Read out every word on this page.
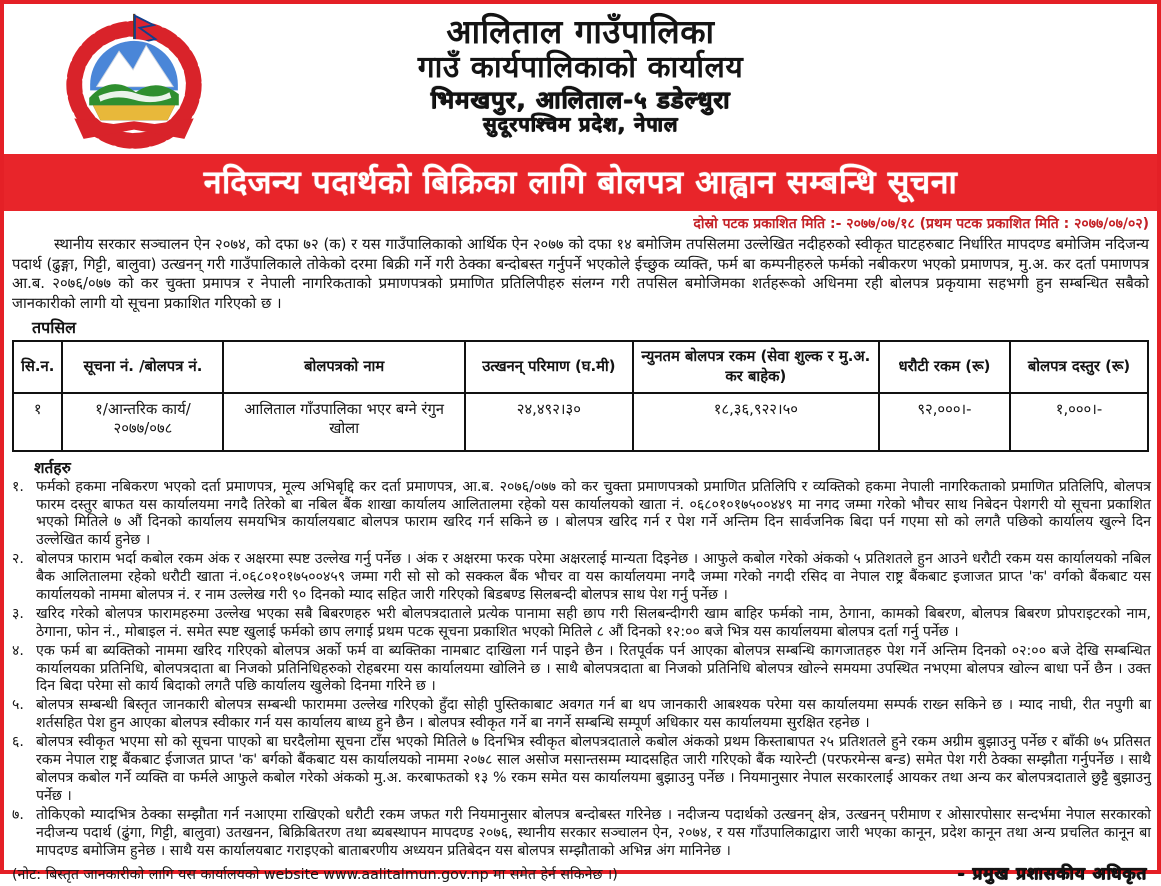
आलिताल गाउँपालिका
गाउँ कार्यपालिकाको कार्यालय
भिमखपुर, आलिताल-५ डडेल्धुरा
सुदूरपश्चिम प्रदेश, नेपाल
नदिजन्य पदार्थको बिक्रिका लागि बोलपत्र आह्वान सम्बन्धि सूचना
दोस्रो पटक प्रकाशित मिति :- २०७७/०७/१८ (प्रथम पटक प्रकाशित मिति : २०७७/०७/०२)
स्थानीय सरकार सञ्चालन ऐन २०७४, को दफा ७२ (क) र यस गाउँपालिकाको आर्थिक ऐन २०७७ को दफा १४ बमोजिम तपसिलमा उल्लेखित नदीहरुको स्वीकृत घाटहरुबाट निर्धारित मापदण्ड बमोजिम नदिजन्य पदार्थ (ढुङ्गा, गिट्टी, बालुवा) उत्खनन् गरी गाउँपालिकाले तोकेको दरमा बिक्री गर्ने गरी ठेक्का बन्दोबस्त गर्नुपर्ने भएकोले ईच्छुक व्यक्ति, फर्म बा कम्पनीहरुले फर्मको नबीकरण भएको प्रमाणपत्र, मु.अ. कर दर्ता पमाणपत्र आ.ब. २०७६/०७७ को कर चुक्ता प्रमापत्र र नेपाली नागरिकताको प्रमाणपत्रको प्रमाणित प्रतिलिपीहरु संलग्न गरी तपसिल बमोजिमका शर्तहरूको अधिनमा रही बोलपत्र प्रकृयामा सहभगी हुन सम्बन्धित सबैको जानकारीको लागी यो सूचना प्रकाशित गरिएको छ ।
तपसिल
सि.न.	सूचना नं. /बोलपत्र नं.	बोलपत्रको नाम	उत्खनन् परिमाण (घ.मी)	न्युनतम बोलपत्र रकम (सेवा शुल्क र मु.अ. कर बाहेक)	धरौटी रकम (रू)	बोलपत्र दस्तुर (रू)
१	१/आन्तरिक कार्य/२०७७/०७८	आलिताल गाँउपालिका भएर बग्ने रंगुन खोला	२४,४९२।३०	१८,३६,९२२।५०	९२,०००।-	१,०००।-
शर्तहरु
१. फर्मको हकमा नबिकरण भएको दर्ता प्रमाणपत्र, मूल्य अभिबृद्दि कर दर्ता प्रमाणपत्र, आ.ब. २०७६/०७७ को कर चुक्ता प्रमाणपत्रको प्रमाणित प्रतिलिपि र व्यक्तिको हकमा नेपाली नागरिकताको प्रमाणित प्रतिलिपि, बोलपत्र फारम दस्तुर बाफत यस कार्यालयमा नगदै तिरेको बा नबिल बैंक शाखा कार्यालय आलितालमा रहेको यस कार्यालयको खाता नं. ०६८०१०१७५००४४९ मा नगद जम्मा गरेको भौचर साथ निबेदन पेशगरी यो सूचना प्रकाशित भएको मितिले ७ औं दिनको कार्यालय समयभित्र कार्यालयबाट बोलपत्र फाराम खरिद गर्न सकिने छ । बोलपत्र खरिद गर्न र पेश गर्ने अन्तिम दिन सार्वजनिक बिदा पर्न गएमा सो को लगतै पछिको कार्यालय खुल्ने दिन उल्लेखित कार्य हुनेछ ।
२. बोलपत्र फाराम भर्दा कबोल रकम अंक र अक्षरमा स्पष्ट उल्लेख गर्नु पर्नेछ । अंक र अक्षरमा फरक परेमा अक्षरलाई मान्यता दिइनेछ । आफुले कबोल गरेको अंकको ५ प्रतिशतले हुन आउने धरौटी रकम यस कार्यालयको नबिल बैक आलितालमा रहेको धरौटी खाता नं.०६८०१०१७५००४५९ जम्मा गरी सो सो को सक्कल बैंक भौचर वा यस कार्यालयमा नगदै जम्मा गरेको नगदी रसिद वा नेपाल राष्ट्र बैंकबाट इजाजत प्राप्त 'क' वर्गको बैंकबाट यस कार्यालयको नाममा बोलपत्र नं. र नाम उल्लेख गरी ९० दिनको म्याद सहित जारी गरिएको बिडबण्ड सिलबन्दी बोलपत्र साथ पेश गर्नु पर्नेछ ।
३. खरिद गरेको बोलपत्र फारामहरुमा उल्लेख भएका सबै बिबरणहरु भरी बोलपत्रदाताले प्रत्येक पानामा सही छाप गरी सिलबन्दीगरी खाम बाहिर फर्मको नाम, ठेगाना, कामको बिबरण, बोलपत्र बिबरण प्रोपराइटरको नाम, ठेगाना, फोन नं., मोबाइल नं. समेत स्पष्ट खुलाई फर्मको छाप लगाई प्रथम पटक सूचना प्रकाशित भएको मितिले ८ औं दिनको १२:०० बजे भित्र यस कार्यालयमा बोलपत्र दर्ता गर्नु पर्नेछ ।
४. एक फर्म बा ब्यक्तिको नाममा खरिद गरिएको बोलपत्र अर्को फर्म वा ब्यक्तिका नामबाट दाखिला गर्न पाइने छैन । रितपूर्वक पर्न आएका बोलपत्र सम्बन्धि कागजातहरु पेश गर्ने अन्तिम दिनको ०२:०० बजे देखि सम्बन्धित कार्यालयका प्रतिनिधि, बोलपत्रदाता बा निजको प्रतिनिधिहरुको रोहबरमा यस कार्यालयमा खोलिने छ । साथै बोलपत्रदाता बा निजको प्रतिनिधि बोलपत्र खोल्ने समयमा उपस्थित नभएमा बोलपत्र खोल्न बाधा पर्ने छैन । उक्त दिन बिदा परेमा सो कार्य बिदाको लगतै पछि कार्यालय खुलेको दिनमा गरिने छ ।
५. बोलपत्र सम्बन्धी बिस्तृत जानकारी बोलपत्र सम्बन्धी फाराममा उल्लेख गरिएको हुँदा सोही पुस्तिकाबाट अवगत गर्न बा थप जानकारी आबश्यक परेमा यस कार्यालयमा सम्पर्क राख्न सकिने छ । म्याद नाघी, रीत नपुगी बा शर्तसहित पेश हुन आएका बोलपत्र स्वीकार गर्न यस कार्यालय बाध्य हुने छैन । बोलपत्र स्वीकृत गर्ने बा नगर्ने सम्बन्धि सम्पूर्ण अधिकार यस कार्यालयमा सुरक्षित रहनेछ ।
६. बोलपत्र स्वीकृत भएमा सो को सूचना पाएको बा घरदैलोमा सूचना टाँस भएको मितिले ७ दिनभित्र स्वीकृत बोलपत्रदाताले कबोल अंकको प्रथम किस्ताबापत २५ प्रतिशतले हुने रकम अग्रीम बुझाउनु पर्नेछ र बाँकी ७५ प्रतिसत रकम नेपाल राष्ट्र बैंकबाट ईजाजत प्राप्त 'क' बर्गको बैंकबाट यस कार्यालयको नाममा २०७८ साल असोज मसान्तसम्म म्यादसहित जारी गरिएको बैंक ग्यारेन्टी (परफरमेन्स बन्ड) समेत पेश गरी ठेक्का सम्झौता गर्नुपर्नेछ । साथै बोलपत्र कबोल गर्ने व्यक्ति वा फर्मले आफुले कबोल गरेको अंकको मु.अ. करबाफतको १३ % रकम समेत यस कार्यालयमा बुझाउनु पर्नेछ । नियमानुसार नेपाल सरकारलाई आयकर तथा अन्य कर बोलपत्रदाताले छुट्टै बुझाउनु पर्नेछ ।
७. तोकिएको म्यादभित्र ठेक्का सम्झौता गर्न नआएमा राखिएको धरौटी रकम जफत गरी नियमानुसार बोलपत्र बन्दोबस्त गरिनेछ । नदीजन्य पदार्थको उत्खनन् क्षेत्र, उत्खनन् परीमाण र ओसारपोसार सन्दर्भमा नेपाल सरकारको नदीजन्य पदार्थ (ढुंगा, गिट्टी, बालुवा) उतखनन, बिक्रिबितरण तथा ब्यबस्थापन मापदण्ड २०७६, स्थानीय सरकार सञ्चालन ऐन, २०७४, र यस गाँउपालिकाद्वारा जारी भएका कानून, प्रदेश कानून तथा अन्य प्रचलित कानून बा मापदण्ड बमोजिम हुनेछ । साथै यस कार्यालयबाट गराइएको बाताबरणीय अध्ययन प्रतिबेदन यस बोलपत्र सम्झौताको अभिन्न अंग मानिनेछ ।
(नोट: बिस्तृत जानकारीको लागि यस कार्यालयको website www.aalitalmun.gov.np मा समेत हेर्न सकिनेछ ।)	- प्रमुख प्रशासकीय अधिकृत
